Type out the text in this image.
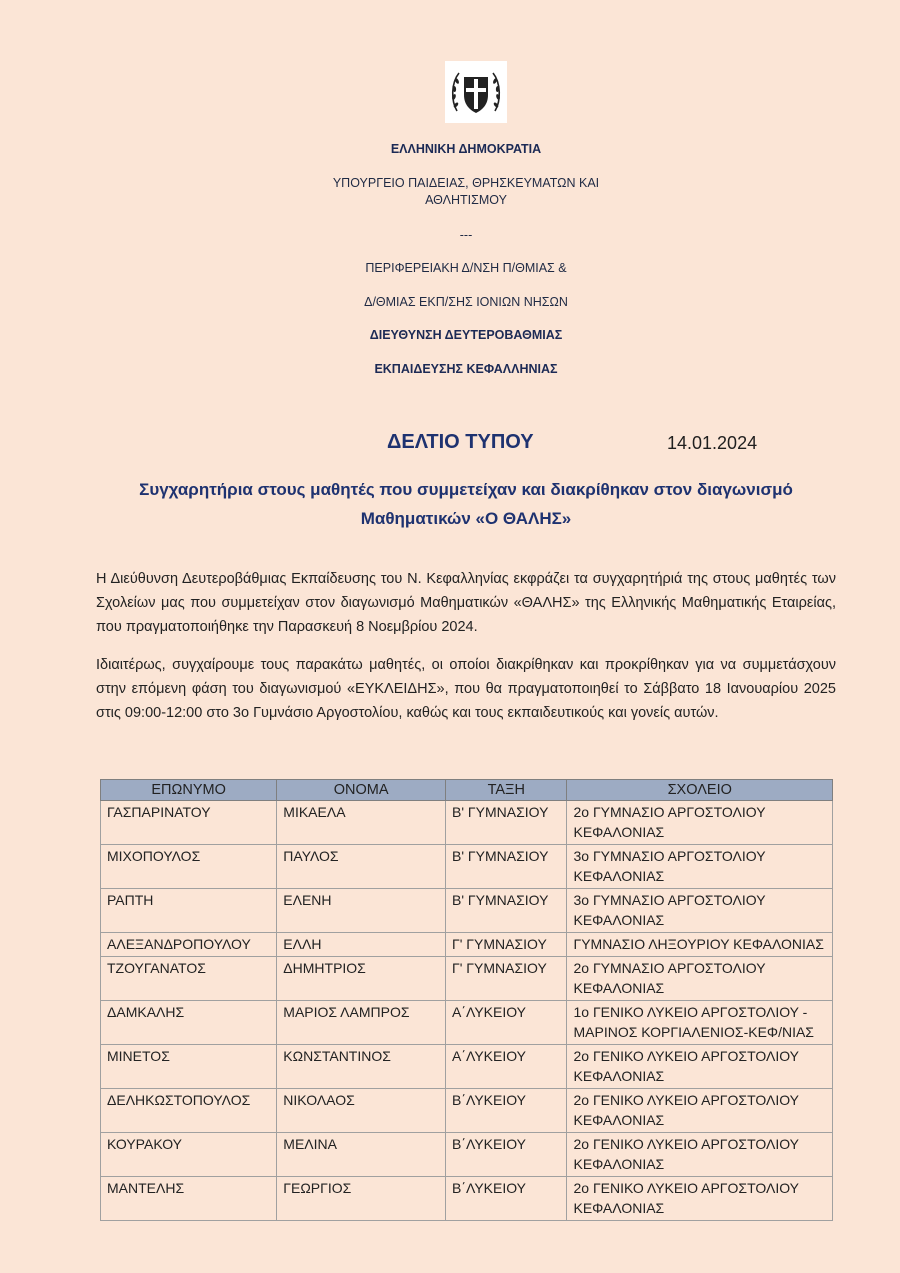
ΕΛΛΗΝΙΚΗ ΔΗΜΟΚΡΑΤΙΑ
ΥΠΟΥΡΓΕΙΟ ΠΑΙΔΕΙΑΣ, ΘΡΗΣΚΕΥΜΑΤΩΝ ΚΑΙ
ΑΘΛΗΤΙΣΜΟΥ
---
ΠΕΡΙΦΕΡΕΙΑΚΗ Δ/ΝΣΗ Π/ΘΜΙΑΣ &
Δ/ΘΜΙΑΣ ΕΚΠ/ΣΗΣ ΙΟΝΙΩΝ ΝΗΣΩΝ
ΔΙΕΥΘΥΝΣΗ ΔΕΥΤΕΡΟΒΑΘΜΙΑΣ
ΕΚΠΑΙΔΕΥΣΗΣ ΚΕΦΑΛΛΗΝΙΑΣ
ΔΕΛΤΙΟ ΤΥΠΟΥ	14.01.2024
Συγχαρητήρια στους μαθητές που συμμετείχαν και διακρίθηκαν στον διαγωνισμό
Μαθηματικών «Ο ΘΑΛΗΣ»
Η Διεύθυνση Δευτεροβάθμιας Εκπαίδευσης του Ν. Κεφαλληνίας εκφράζει τα συγχαρητήριά της στους μαθητές των Σχολείων μας που συμμετείχαν στον διαγωνισμό Μαθηματικών «ΘΑΛΗΣ» της Ελληνικής Μαθηματικής Εταιρείας, που πραγματοποιήθηκε την Παρασκευή 8 Νοεμβρίου 2024.
Ιδιαιτέρως, συγχαίρουμε τους παρακάτω μαθητές, οι οποίοι διακρίθηκαν και προκρίθηκαν για να συμμετάσχουν στην επόμενη φάση του διαγωνισμού «ΕΥΚΛΕΙΔΗΣ», που θα πραγματοποιηθεί το Σάββατο 18 Ιανουαρίου 2025 στις 09:00-12:00 στο 3ο Γυμνάσιο Αργοστολίου, καθώς και τους εκπαιδευτικούς και γονείς αυτών.
ΕΠΩΝΥΜΟ	ΟΝΟΜΑ	ΤΑΞΗ	ΣΧΟΛΕΙΟ
ΓΑΣΠΑΡΙΝΑΤΟΥ	ΜΙΚΑΕΛΑ	Β' ΓΥΜΝΑΣΙΟΥ	2ο ΓΥΜΝΑΣΙΟ ΑΡΓΟΣΤΟΛΙΟΥ ΚΕΦΑΛΟΝΙΑΣ
ΜΙΧΟΠΟΥΛΟΣ	ΠΑΥΛΟΣ	Β' ΓΥΜΝΑΣΙΟΥ	3ο ΓΥΜΝΑΣΙΟ ΑΡΓΟΣΤΟΛΙΟΥ ΚΕΦΑΛΟΝΙΑΣ
ΡΑΠΤΗ	ΕΛΕΝΗ	Β' ΓΥΜΝΑΣΙΟΥ	3ο ΓΥΜΝΑΣΙΟ ΑΡΓΟΣΤΟΛΙΟΥ ΚΕΦΑΛΟΝΙΑΣ
ΑΛΕΞΑΝΔΡΟΠΟΥΛΟΥ	ΕΛΛΗ	Γ' ΓΥΜΝΑΣΙΟΥ	ΓΥΜΝΑΣΙΟ ΛΗΞΟΥΡΙΟΥ ΚΕΦΑΛΟΝΙΑΣ
ΤΖΟΥΓΑΝΑΤΟΣ	ΔΗΜΗΤΡΙΟΣ	Γ' ΓΥΜΝΑΣΙΟΥ	2ο ΓΥΜΝΑΣΙΟ ΑΡΓΟΣΤΟΛΙΟΥ ΚΕΦΑΛΟΝΙΑΣ
ΔΑΜΚΑΛΗΣ	ΜΑΡΙΟΣ ΛΑΜΠΡΟΣ	Α΄ΛΥΚΕΙΟΥ	1ο ΓΕΝΙΚΟ ΛΥΚΕΙΟ ΑΡΓΟΣΤΟΛΙΟΥ - ΜΑΡΙΝΟΣ ΚΟΡΓΙΑΛΕΝΙΟΣ-ΚΕΦ/ΝΙΑΣ
ΜΙΝΕΤΟΣ	ΚΩΝΣΤΑΝΤΙΝΟΣ	Α΄ΛΥΚΕΙΟΥ	2ο ΓΕΝΙΚΟ ΛΥΚΕΙΟ ΑΡΓΟΣΤΟΛΙΟΥ ΚΕΦΑΛΟΝΙΑΣ
ΔΕΛΗΚΩΣΤΟΠΟΥΛΟΣ	ΝΙΚΟΛΑΟΣ	Β΄ΛΥΚΕΙΟΥ	2ο ΓΕΝΙΚΟ ΛΥΚΕΙΟ ΑΡΓΟΣΤΟΛΙΟΥ ΚΕΦΑΛΟΝΙΑΣ
ΚΟΥΡΑΚΟΥ	ΜΕΛΙΝΑ	Β΄ΛΥΚΕΙΟΥ	2ο ΓΕΝΙΚΟ ΛΥΚΕΙΟ ΑΡΓΟΣΤΟΛΙΟΥ ΚΕΦΑΛΟΝΙΑΣ
ΜΑΝΤΕΛΗΣ	ΓΕΩΡΓΙΟΣ	Β΄ΛΥΚΕΙΟΥ	2ο ΓΕΝΙΚΟ ΛΥΚΕΙΟ ΑΡΓΟΣΤΟΛΙΟΥ ΚΕΦΑΛΟΝΙΑΣ
